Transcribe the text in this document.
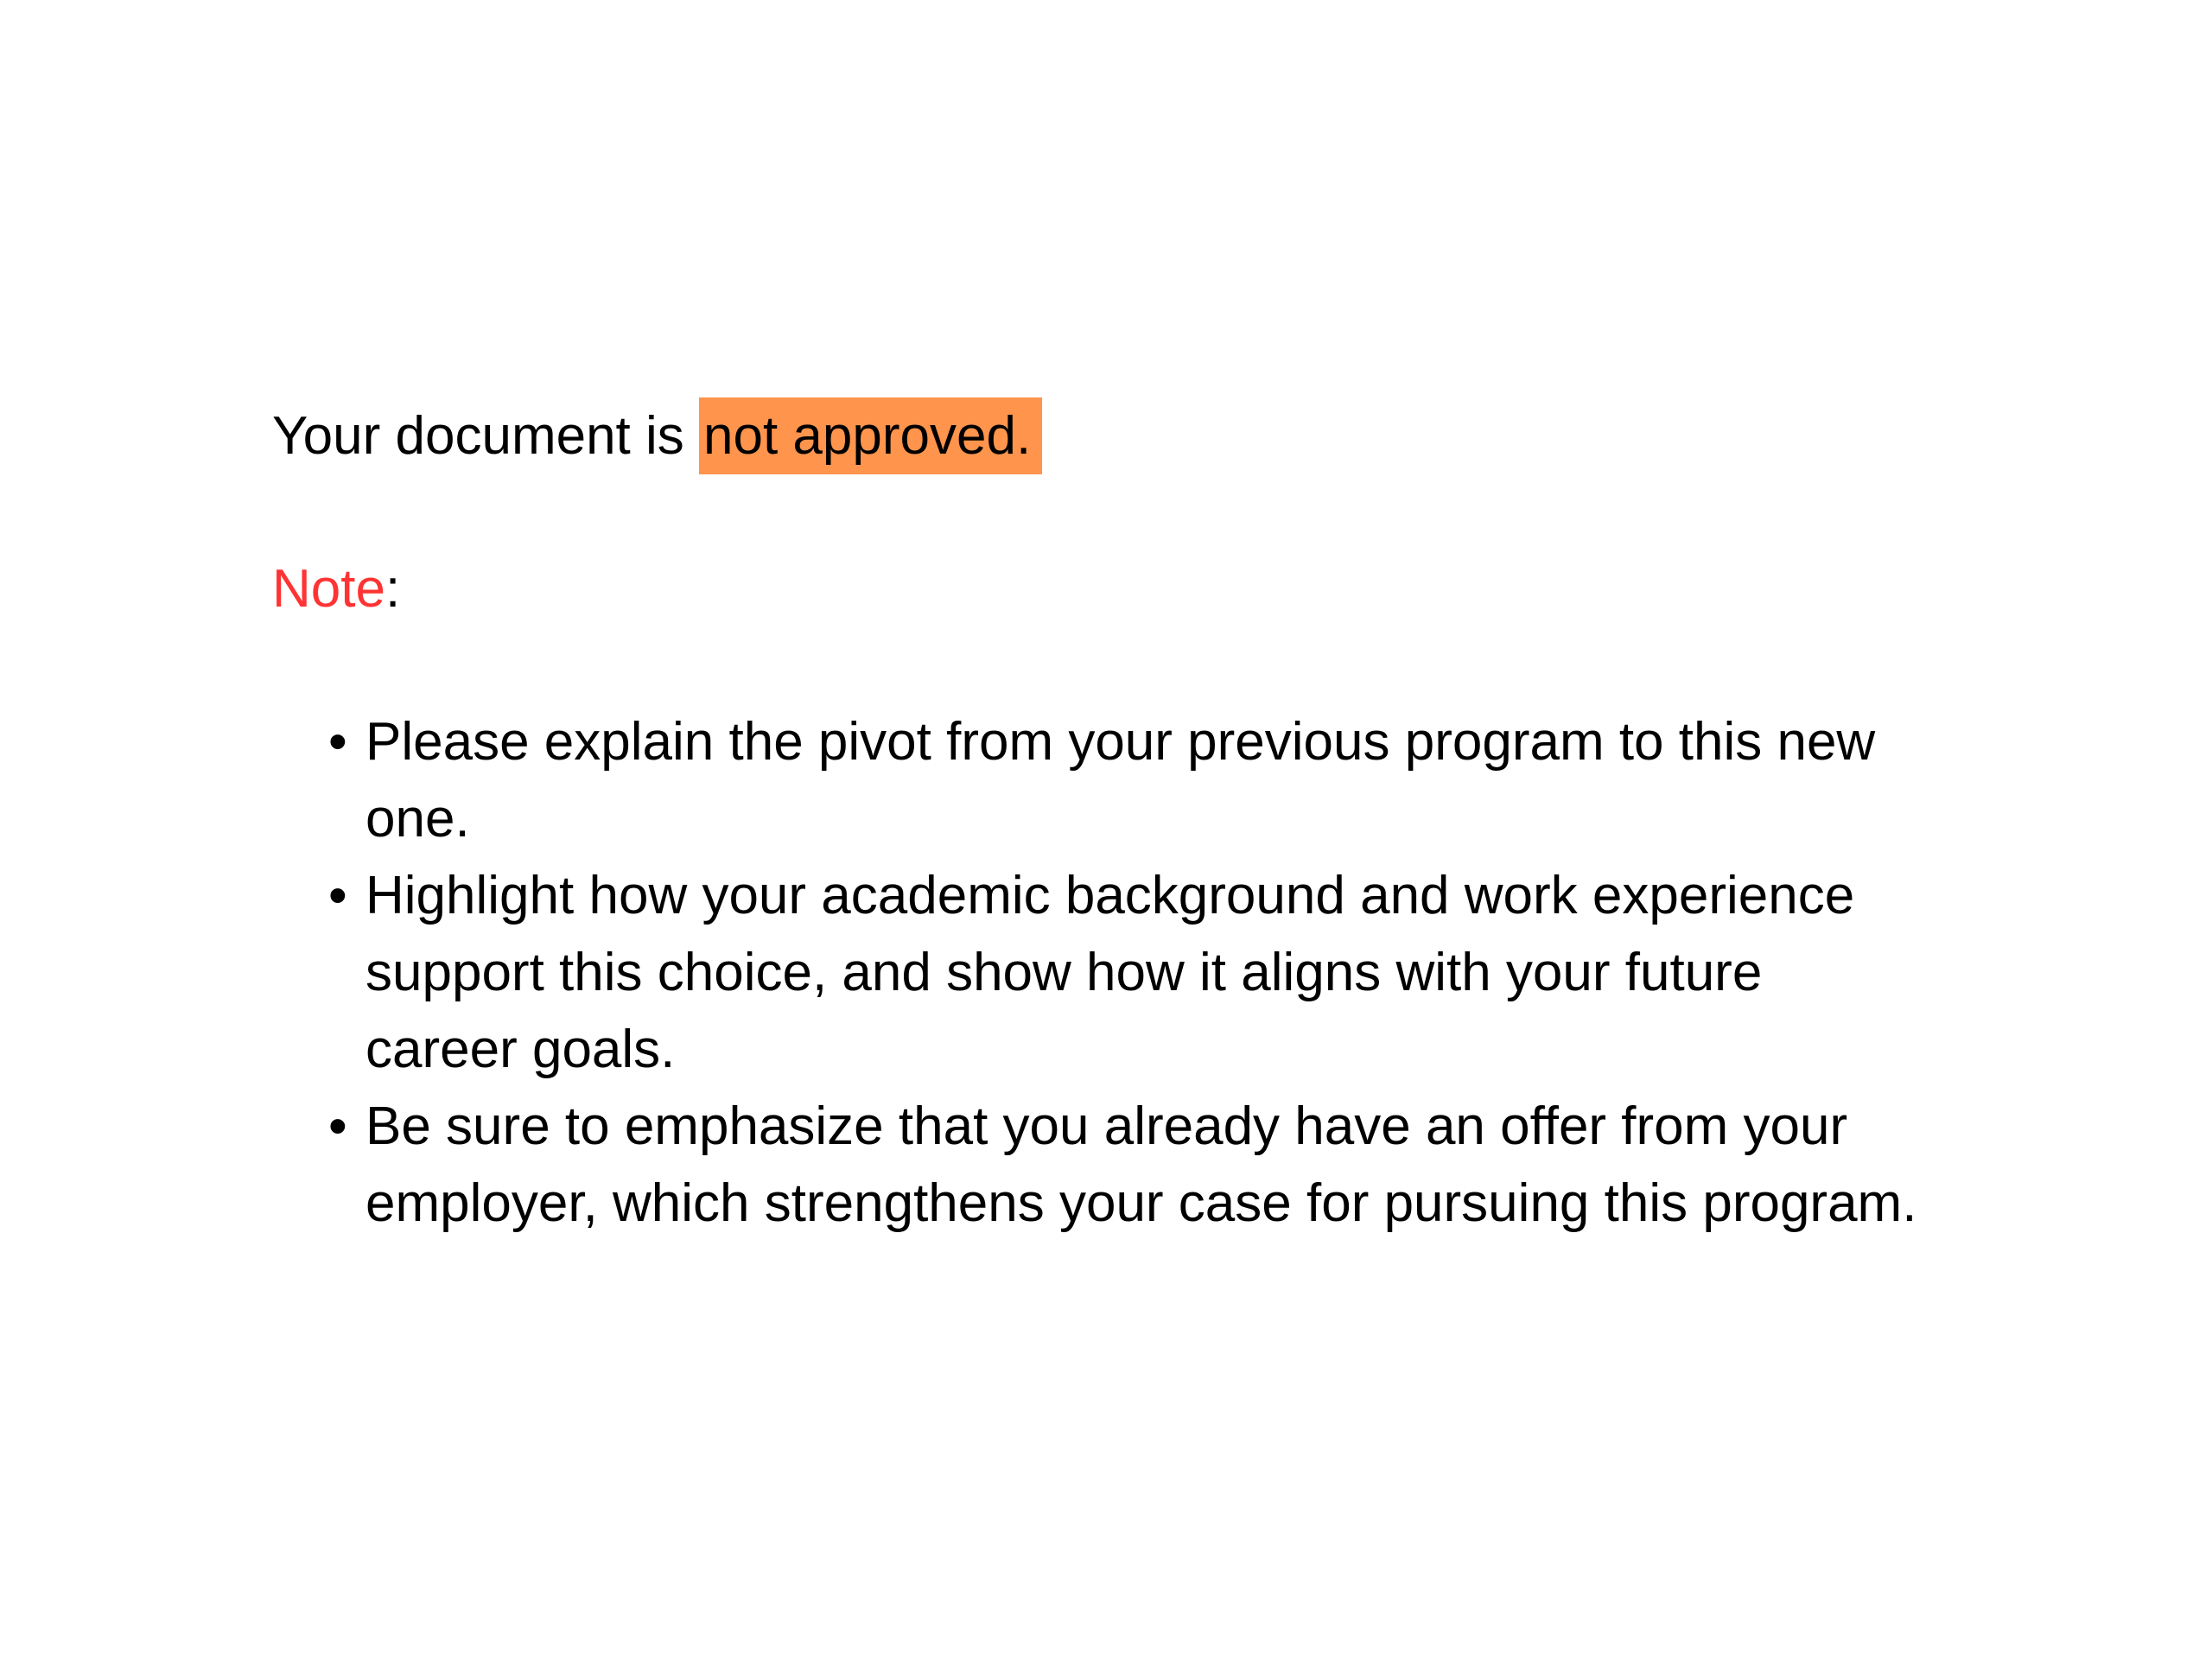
Your document is not approved.

Note:

• Please explain the pivot from your previous program to this new
one.
• Highlight how your academic background and work experience
support this choice, and show how it aligns with your future
career goals.
• Be sure to emphasize that you already have an offer from your
employer, which strengthens your case for pursuing this program.
